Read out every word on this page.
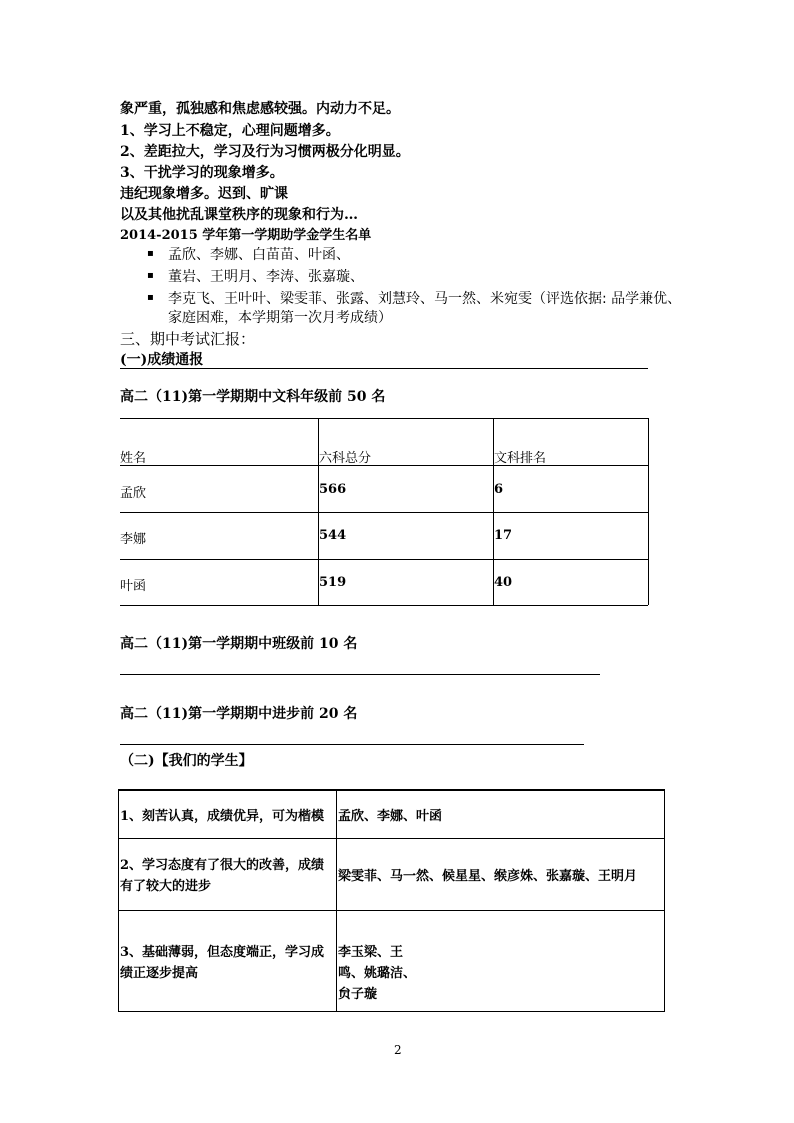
象严重，孤独感和焦虑感较强。内动力不足。
1、学习上不稳定，心理问题增多。
2、差距拉大，学习及行为习惯两极分化明显。
3、干扰学习的现象增多。
违纪现象增多。迟到、旷课
以及其他扰乱课堂秩序的现象和行为…
2014-2015 学年第一学期助学金学生名单
▪ 孟欣、李娜、白苗苗、叶函、
▪ 董岩、王明月、李涛、张嘉璇、
▪ 李克飞、王叶叶、梁雯菲、张露、刘慧玲、马一然、米宛雯（评选依据: 品学兼优、
家庭困难，本学期第一次月考成绩）
三、期中考试汇报：
(一)成绩通报
高二（11)第一学期期中文科年级前 50 名
姓名	六科总分	文科排名
孟欣	566	6
李娜	544	17
叶函	519	40
高二（11)第一学期期中班级前 10 名
高二（11)第一学期期中进步前 20 名
（二)【我们的学生】
1、刻苦认真，成绩优异，可为楷模 孟欣、李娜、叶函
2、学习态度有了很大的改善，成绩有了较大的进步
梁雯菲、马一然、候星星、缑彦姝、张嘉璇、王明月
3、基础薄弱，但态度端正，学习成绩正逐步提高
李玉梁、王鸣、姚璐洁、贠子璇
2
